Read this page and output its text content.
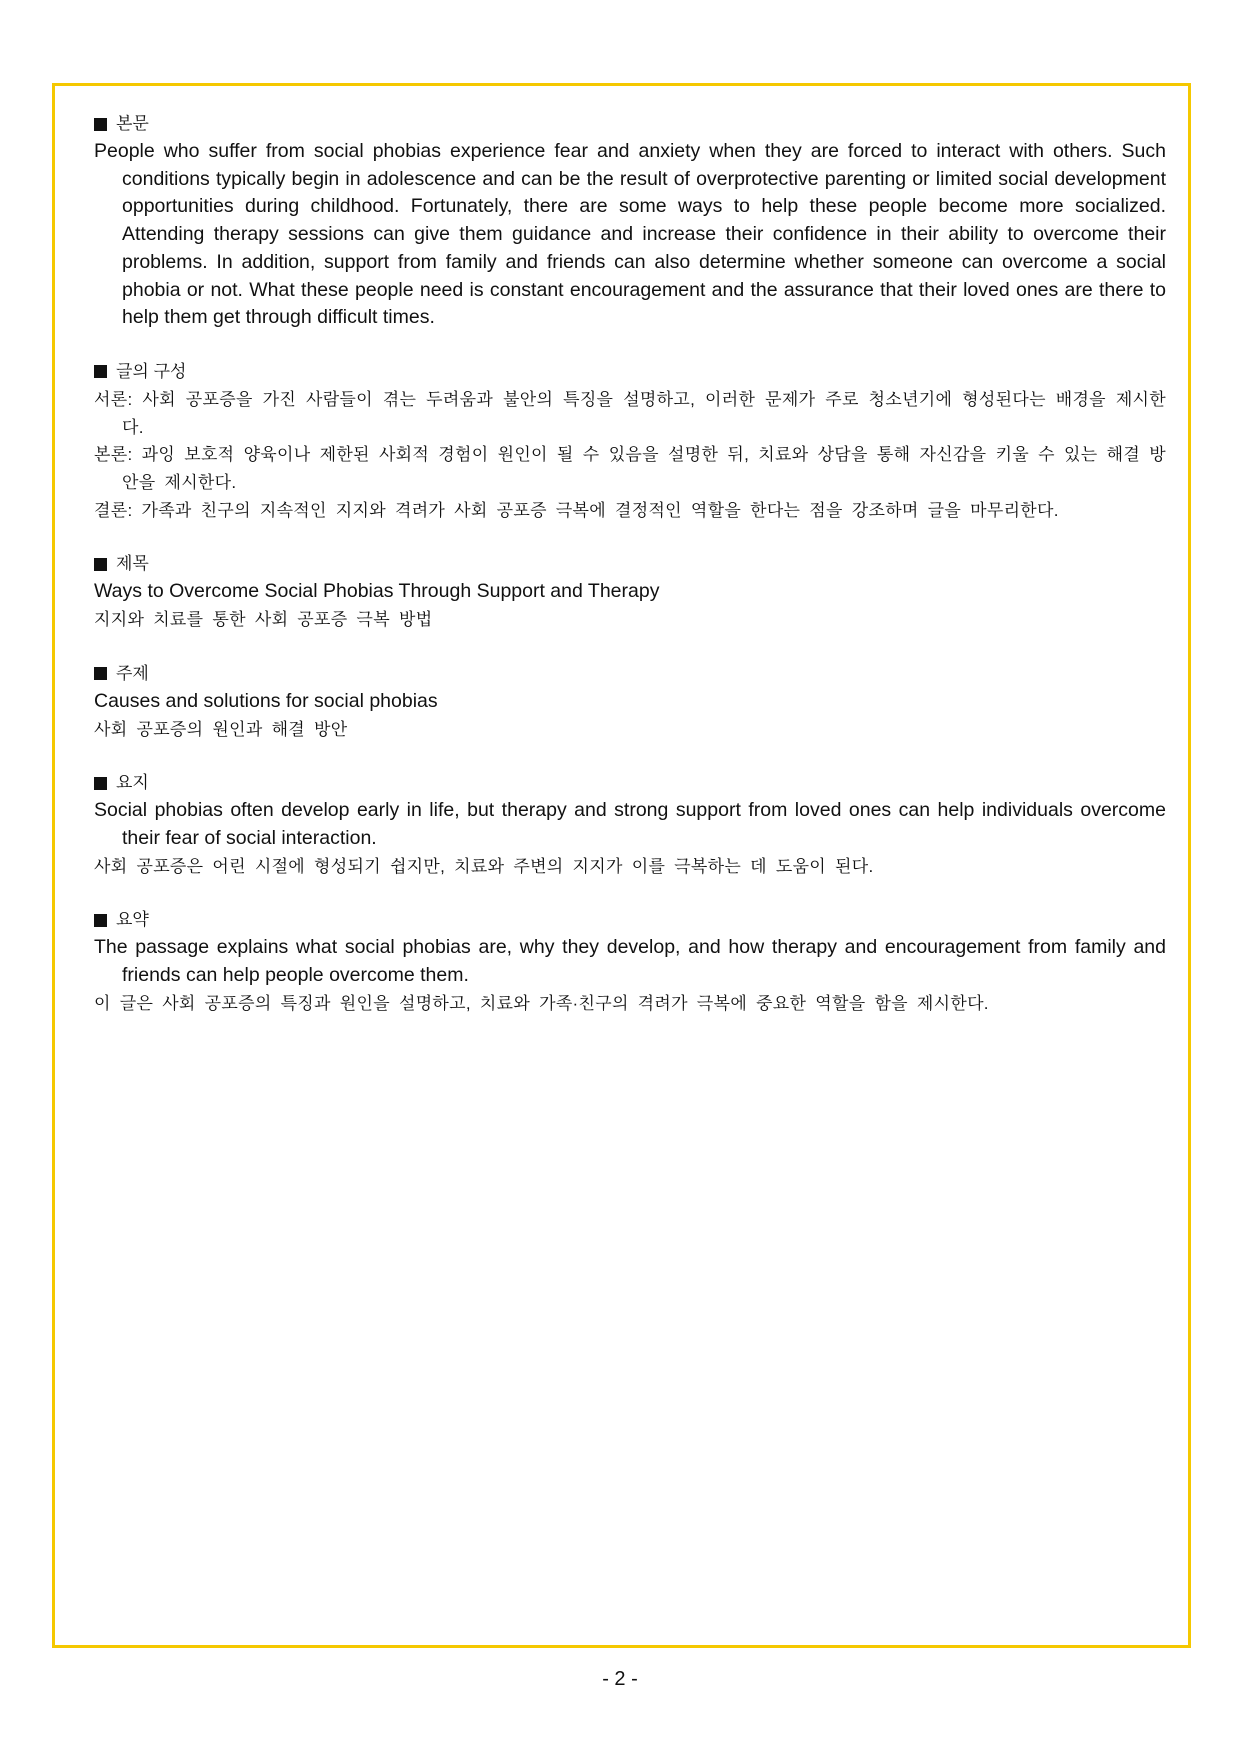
본문
People who suffer from social phobias experience fear and anxiety when they are forced to interact with others. Such conditions typically begin in adolescence and can be the result of overprotective parenting or limited social development opportunities during childhood. Fortunately, there are some ways to help these people become more socialized. Attending therapy sessions can give them guidance and increase their confidence in their ability to overcome their problems. In addition, support from family and friends can also determine whether someone can overcome a social phobia or not. What these people need is constant encouragement and the assurance that their loved ones are there to help them get through difficult times.
글의 구성
서론: 사회 공포증을 가진 사람들이 겪는 두려움과 불안의 특징을 설명하고, 이러한 문제가 주로 청소년기에 형성된다는 배경을 제시한다.
본론: 과잉 보호적 양육이나 제한된 사회적 경험이 원인이 될 수 있음을 설명한 뒤, 치료와 상담을 통해 자신감을 키울 수 있는 해결 방안을 제시한다.
결론: 가족과 친구의 지속적인 지지와 격려가 사회 공포증 극복에 결정적인 역할을 한다는 점을 강조하며 글을 마무리한다.
제목
Ways to Overcome Social Phobias Through Support and Therapy
지지와 치료를 통한 사회 공포증 극복 방법
주제
Causes and solutions for social phobias
사회 공포증의 원인과 해결 방안
요지
Social phobias often develop early in life, but therapy and strong support from loved ones can help individuals overcome their fear of social interaction.
사회 공포증은 어린 시절에 형성되기 쉽지만, 치료와 주변의 지지가 이를 극복하는 데 도움이 된다.
요약
The passage explains what social phobias are, why they develop, and how therapy and encouragement from family and friends can help people overcome them.
이 글은 사회 공포증의 특징과 원인을 설명하고, 치료와 가족·친구의 격려가 극복에 중요한 역할을 함을 제시한다.
- 2 -
